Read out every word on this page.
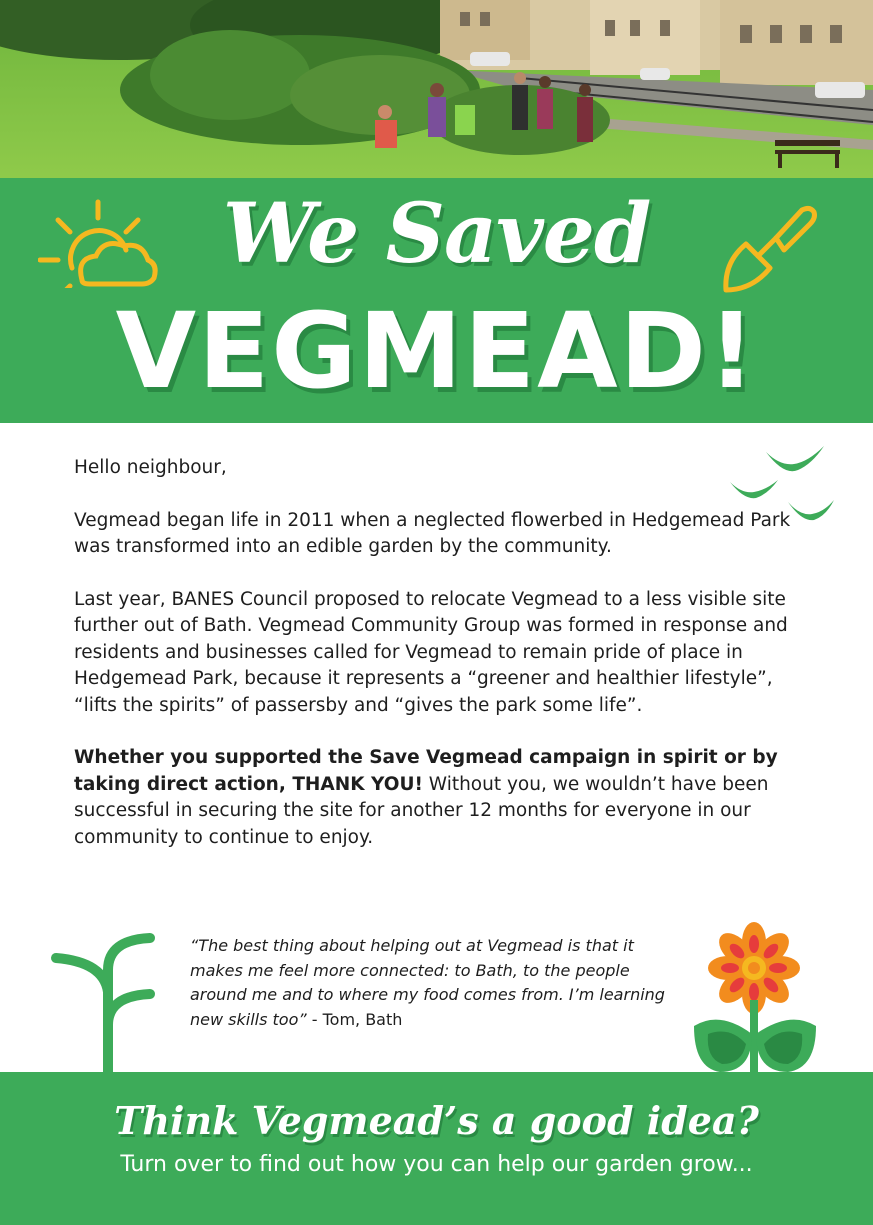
We Saved
VEGMEAD!

Hello neighbour,

Vegmead began life in 2011 when a neglected flowerbed in Hedgemead Park was transformed into an edible garden by the community.

Last year, BANES Council proposed to relocate Vegmead to a less visible site further out of Bath. Vegmead Community Group was formed in response and residents and businesses called for Vegmead to remain pride of place in Hedgemead Park, because it represents a “greener and healthier lifestyle”, “lifts the spirits” of passersby and “gives the park some life”.

Whether you supported the Save Vegmead campaign in spirit or by taking direct action, THANK YOU! Without you, we wouldn’t have been successful in securing the site for another 12 months for everyone in our community to continue to enjoy.

“The best thing about helping out at Vegmead is that it makes me feel more connected: to Bath, to the people around me and to where my food comes from. I’m learning new skills too” - Tom, Bath
Think Vegmead’s a good idea?
Turn over to find out how you can help our garden grow...
